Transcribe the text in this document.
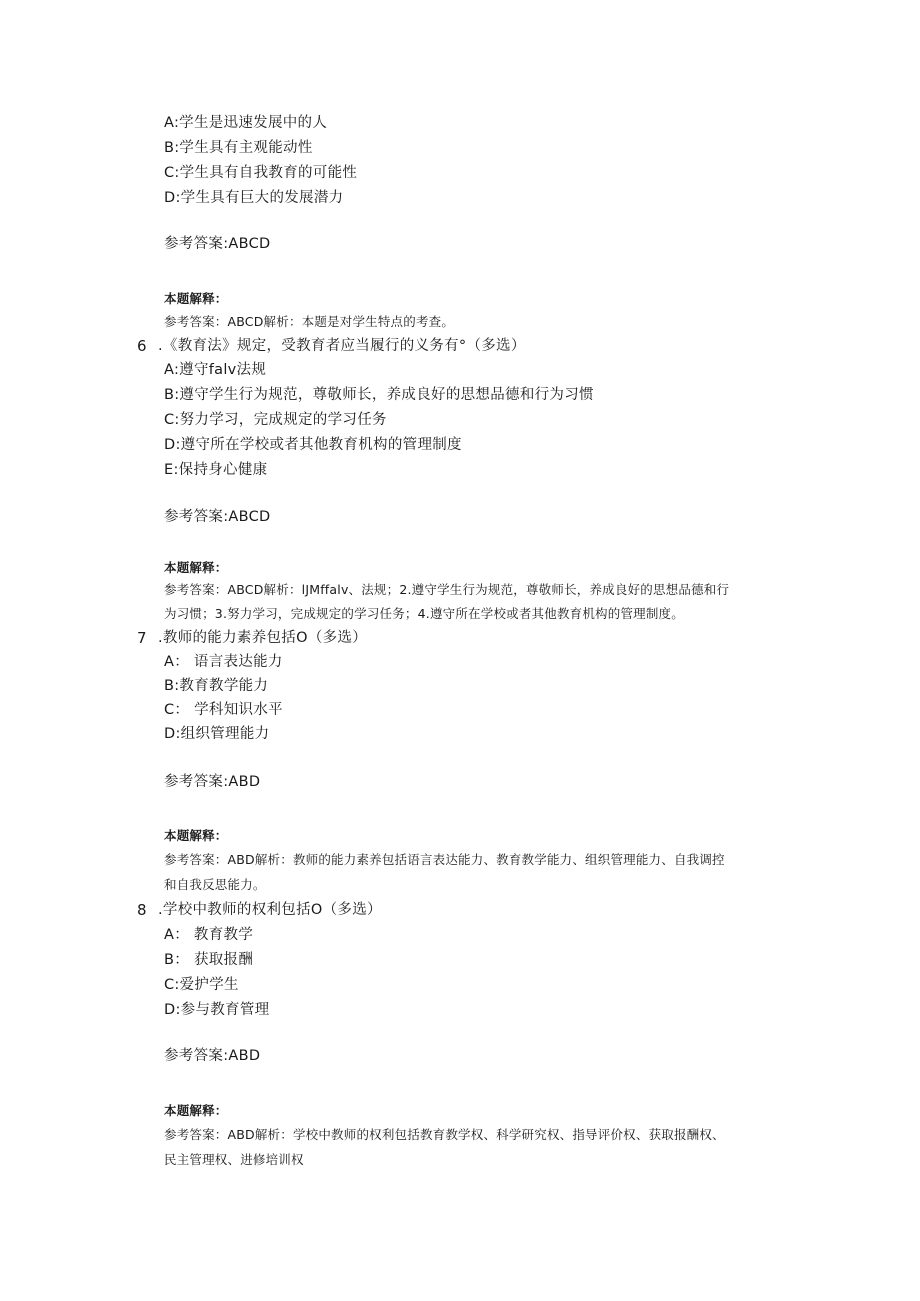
A:学生是迅速发展中的人
B:学生具有主观能动性
C:学生具有自我教育的可能性
D:学生具有巨大的发展潜力
参考答案:ABCD
本题解释：
参考答案：ABCD解析：本题是对学生特点的考查。
6 .《教育法》规定，受教育者应当履行的义务有°（多选）
A:遵守falv法规
B:遵守学生行为规范，尊敬师长，养成良好的思想品德和行为习惯
C:努力学习，完成规定的学习任务
D:遵守所在学校或者其他教育机构的管理制度
E:保持身心健康
参考答案:ABCD
本题解释：
参考答案：ABCD解析：lJMffalv、法规；2.遵守学生行为规范，尊敬师长，养成良好的思想品德和行
为习惯；3.努力学习，完成规定的学习任务；4.遵守所在学校或者其他教育机构的管理制度。
7 .教师的能力素养包括O（多选）
A： 语言表达能力
B:教育教学能力
C： 学科知识水平
D:组织管理能力
参考答案:ABD
本题解释：
参考答案：ABD解析：教师的能力素养包括语言表达能力、教育教学能力、组织管理能力、自我调控
和自我反思能力。
8 .学校中教师的权利包括O（多选）
A： 教育教学
B： 获取报酬
C:爱护学生
D:参与教育管理
参考答案:ABD
本题解释：
参考答案：ABD解析：学校中教师的权利包括教育教学权、科学研究权、指导评价权、获取报酬权、
民主管理权、进修培训权
